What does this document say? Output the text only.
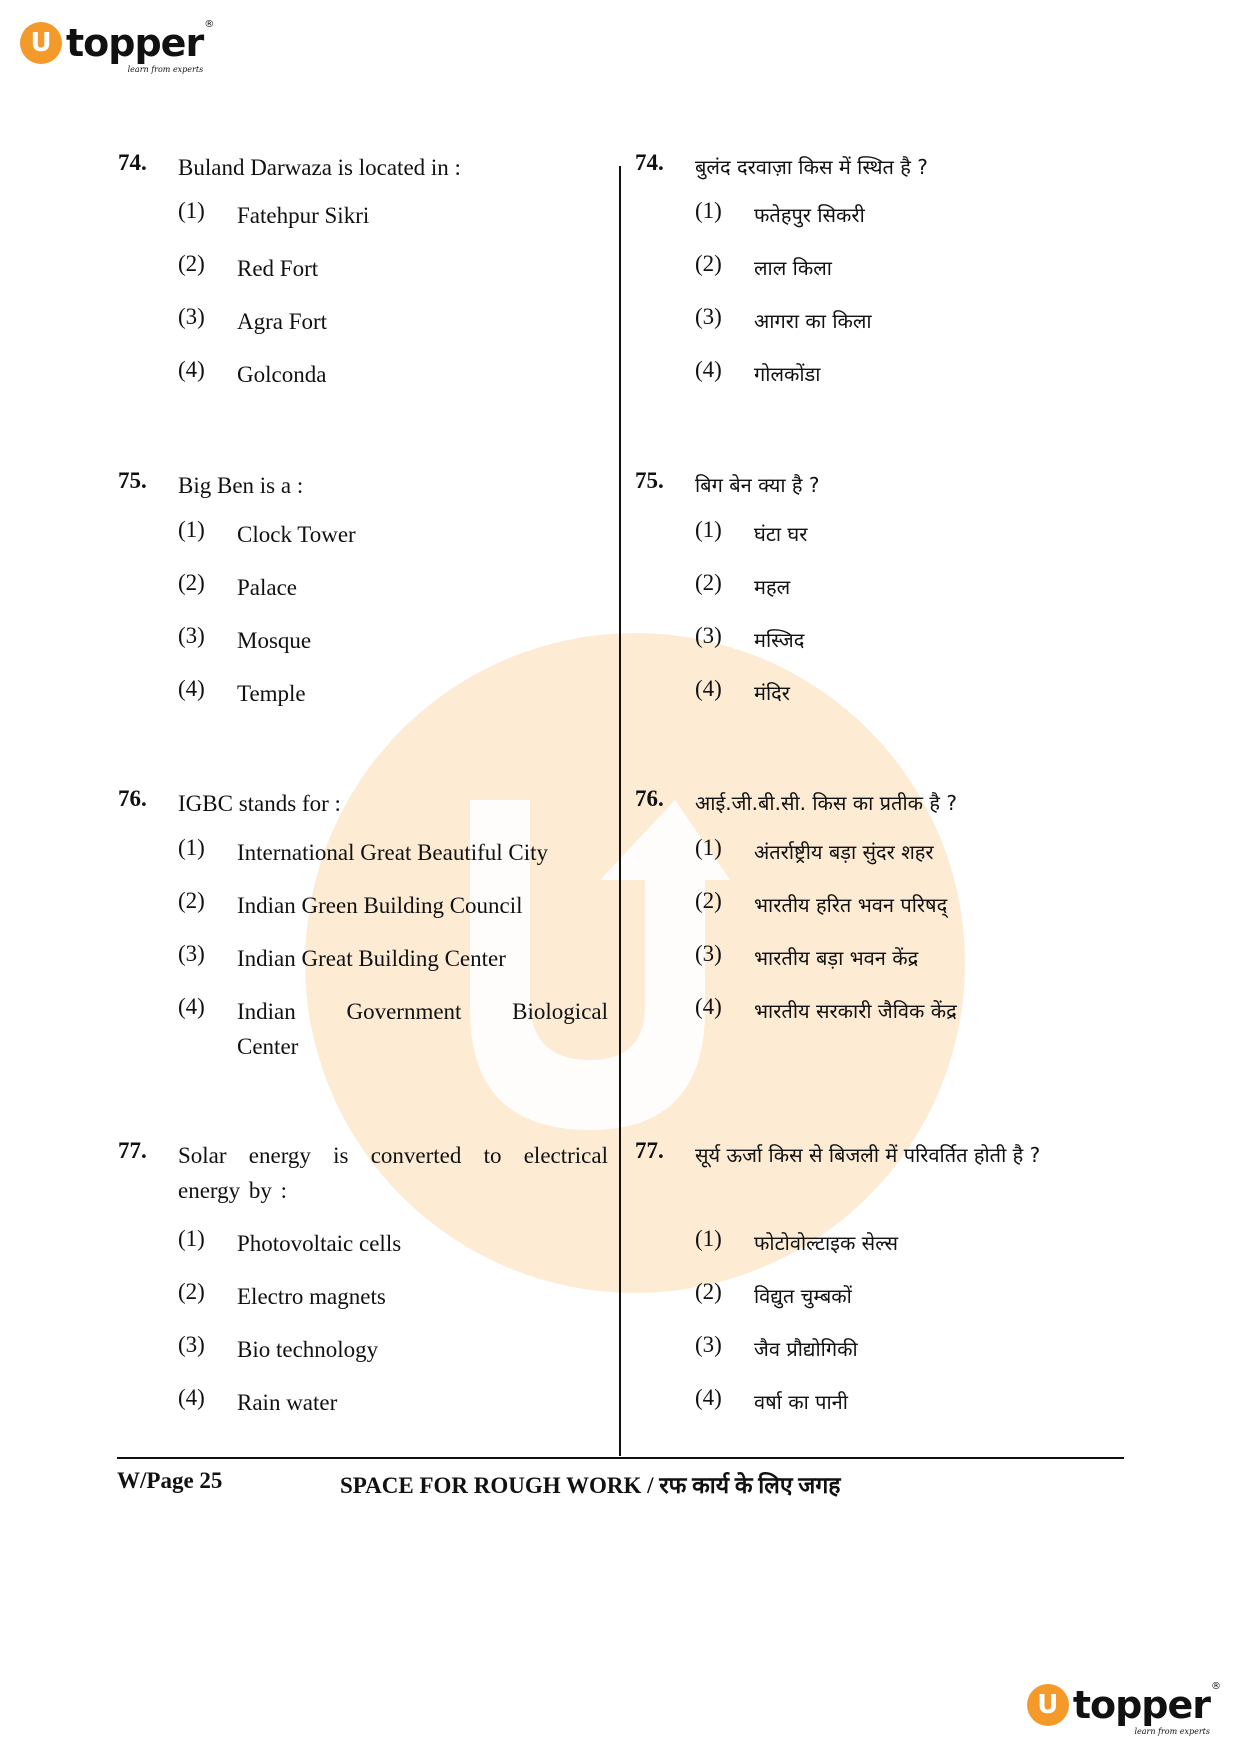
U topper ®
learn from experts
74. Buland Darwaza is located in :
(1) Fatehpur Sikri
(2) Red Fort
(3) Agra Fort
(4) Golconda
75. Big Ben is a :
(1) Clock Tower
(2) Palace
(3) Mosque
(4) Temple
76. IGBC stands for :
(1) International Great Beautiful City
(2) Indian Green Building Council
(3) Indian Great Building Center
(4) Indian Government Biological Center
77. Solar energy is converted to electrical energy by :
(1) Photovoltaic cells
(2) Electro magnets
(3) Bio technology
(4) Rain water
74. बुलंद दरवाज़ा किस में स्थित है ?
(1) फतेहपुर सिकरी
(2) लाल किला
(3) आगरा का किला
(4) गोलकोंडा
75. बिग बेन क्या है ?
(1) घंटा घर
(2) महल
(3) मस्जिद
(4) मंदिर
76. आई.जी.बी.सी. किस का प्रतीक है ?
(1) अंतर्राष्ट्रीय बड़ा सुंदर शहर
(2) भारतीय हरित भवन परिषद्
(3) भारतीय बड़ा भवन केंद्र
(4) भारतीय सरकारी जैविक केंद्र
77. सूर्य ऊर्जा किस से बिजली में परिवर्तित होती है ?
(1) फोटोवोल्टाइक सेल्स
(2) विद्युत चुम्बकों
(3) जैव प्रौद्योगिकी
(4) वर्षा का पानी
W/Page 25	SPACE FOR ROUGH WORK / रफ कार्य के लिए जगह
U topper ®
learn from experts
